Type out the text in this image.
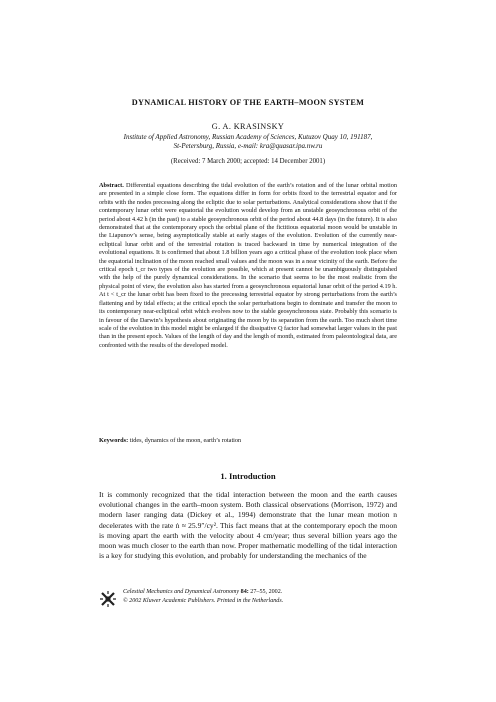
DYNAMICAL HISTORY OF THE EARTH–MOON SYSTEM
G. A. KRASINSKY
Institute of Applied Astronomy, Russian Academy of Sciences, Kutuzov Quay 10, 191187,
St-Petersburg, Russia, e-mail: kra@quasar.ipa.nw.ru
(Received: 7 March 2000; accepted: 14 December 2001)
Abstract. Differential equations describing the tidal evolution of the earth’s rotation and of the lunar orbital motion are presented in a simple close form. The equations differ in form for orbits fixed to the terrestrial equator and for orbits with the nodes precessing along the ecliptic due to solar perturbations. Analytical considerations show that if the contemporary lunar orbit were equatorial the evolution would develop from an unstable geosynchronous orbit of the period about 4.42 h (in the past) to a stable geosynchronous orbit of the period about 44.8 days (in the future). It is also demonstrated that at the contemporary epoch the orbital plane of the fictitious equatorial moon would be unstable in the Liapunov’s sense, being asymptotically stable at early stages of the evolution. Evolution of the currently near-ecliptical lunar orbit and of the terrestrial rotation is traced backward in time by numerical integration of the evolutional equations. It is confirmed that about 1.8 billion years ago a critical phase of the evolution took place when the equatorial inclination of the moon reached small values and the moon was in a near vicinity of the earth. Before the critical epoch t_cr two types of the evolution are possible, which at present cannot be unambiguously distinguished with the help of the purely dynamical considerations. In the scenario that seems to be the most realistic from the physical point of view, the evolution also has started from a geosynchronous equatorial lunar orbit of the period 4.19 h. At t < t_cr the lunar orbit has been fixed to the precessing terrestrial equator by strong perturbations from the earth’s flattening and by tidal effects; at the critical epoch the solar perturbations begin to dominate and transfer the moon to its contemporary near-ecliptical orbit which evolves now to the stable geosynchronous state. Probably this scenario is in favour of the Darwin’s hypothesis about originating the moon by its separation from the earth. Too much short time scale of the evolution in this model might be enlarged if the dissipative Q factor had somewhat larger values in the past than in the present epoch. Values of the length of day and the length of month, estimated from paleontological data, are confronted with the results of the developed model.
Keywords: tides, dynamics of the moon, earth’s rotation
1. Introduction
It is commonly recognized that the tidal interaction between the moon and the earth causes evolutional changes in the earth–moon system. Both classical observations (Morrison, 1972) and modern laser ranging data (Dickey et al., 1994) demonstrate that the lunar mean motion n decelerates with the rate ṅ ≈ 25.9″/cy². This fact means that at the contemporary epoch the moon is moving apart the earth with the velocity about 4 cm/year; thus several billion years ago the moon was much closer to the earth than now. Proper mathematic modelling of the tidal interaction is a key for studying this evolution, and probably for understanding the mechanics of the
Celestial Mechanics and Dynamical Astronomy 84: 27–55, 2002.
© 2002 Kluwer Academic Publishers. Printed in the Netherlands.
